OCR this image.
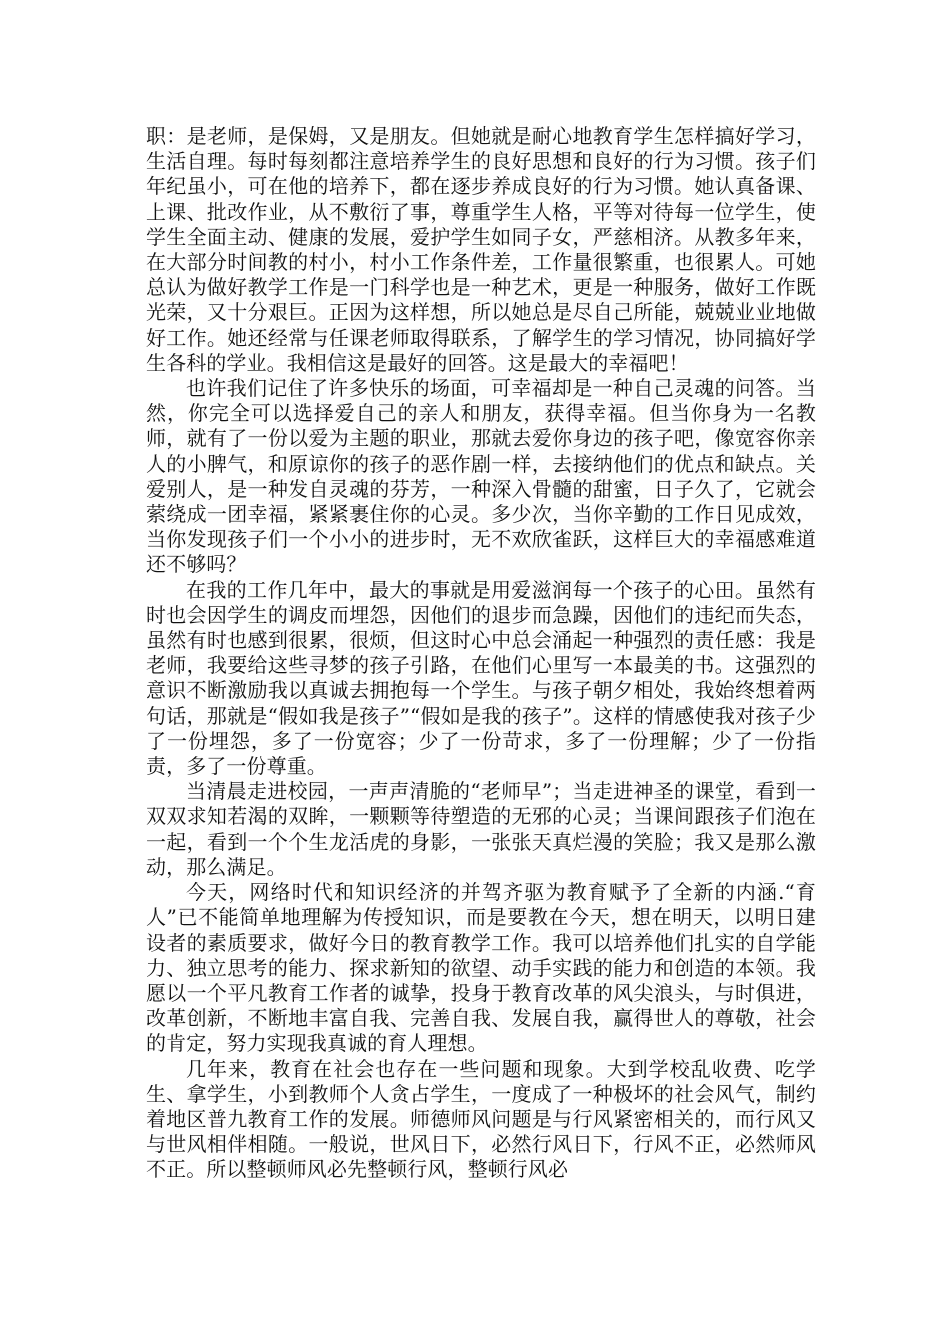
职：是老师，是保姆，又是朋友。但她就是耐心地教育学生怎样搞好学习，生活自理。每时每刻都注意培养学生的良好思想和良好的行为习惯。孩子们年纪虽小，可在他的培养下，都在逐步养成良好的行为习惯。她认真备课、上课、批改作业，从不敷衍了事，尊重学生人格，平等对待每一位学生，使学生全面主动、健康的发展，爱护学生如同子女，严慈相济。从教多年来，在大部分时间教的村小，村小工作条件差，工作量很繁重，也很累人。可她总认为做好教学工作是一门科学也是一种艺术，更是一种服务，做好工作既光荣，又十分艰巨。正因为这样想，所以她总是尽自己所能，兢兢业业地做好工作。她还经常与任课老师取得联系，了解学生的学习情况，协同搞好学生各科的学业。我相信这是最好的回答。这是最大的幸福吧！

也许我们记住了许多快乐的场面，可幸福却是一种自己灵魂的问答。当然，你完全可以选择爱自己的亲人和朋友，获得幸福。但当你身为一名教师，就有了一份以爱为主题的职业，那就去爱你身边的孩子吧，像宽容你亲人的小脾气，和原谅你的孩子的恶作剧一样，去接纳他们的优点和缺点。关爱别人，是一种发自灵魂的芬芳，一种深入骨髓的甜蜜，日子久了，它就会萦绕成一团幸福，紧紧裹住你的心灵。多少次，当你辛勤的工作日见成效，当你发现孩子们一个小小的进步时，无不欢欣雀跃，这样巨大的幸福感难道还不够吗？

在我的工作几年中，最大的事就是用爱滋润每一个孩子的心田。虽然有时也会因学生的调皮而埋怨，因他们的退步而急躁，因他们的违纪而失态，虽然有时也感到很累，很烦，但这时心中总会涌起一种强烈的责任感：我是老师，我要给这些寻梦的孩子引路，在他们心里写一本最美的书。这强烈的意识不断激励我以真诚去拥抱每一个学生。与孩子朝夕相处，我始终想着两句话，那就是“假如我是孩子”“假如是我的孩子”。这样的情感使我对孩子少了一份埋怨，多了一份宽容；少了一份苛求，多了一份理解；少了一份指责，多了一份尊重。

当清晨走进校园，一声声清脆的“老师早”；当走进神圣的课堂，看到一双双求知若渴的双眸，一颗颗等待塑造的无邪的心灵；当课间跟孩子们泡在一起，看到一个个生龙活虎的身影，一张张天真烂漫的笑脸；我又是那么激动，那么满足。

今天，网络时代和知识经济的并驾齐驱为教育赋予了全新的内涵.“育人”已不能简单地理解为传授知识，而是要教在今天，想在明天，以明日建设者的素质要求，做好今日的教育教学工作。我可以培养他们扎实的自学能力、独立思考的能力、探求新知的欲望、动手实践的能力和创造的本领。我愿以一个平凡教育工作者的诚挚，投身于教育改革的风尖浪头，与时俱进，改革创新，不断地丰富自我、完善自我、发展自我，赢得世人的尊敬，社会的肯定，努力实现我真诚的育人理想。

几年来，教育在社会也存在一些问题和现象。大到学校乱收费、吃学生、拿学生，小到教师个人贪占学生，一度成了一种极坏的社会风气，制约着地区普九教育工作的发展。师德师风问题是与行风紧密相关的，而行风又与世风相伴相随。一般说，世风日下，必然行风日下，行风不正，必然师风不正。所以整顿师风必先整顿行风，整顿行风必
